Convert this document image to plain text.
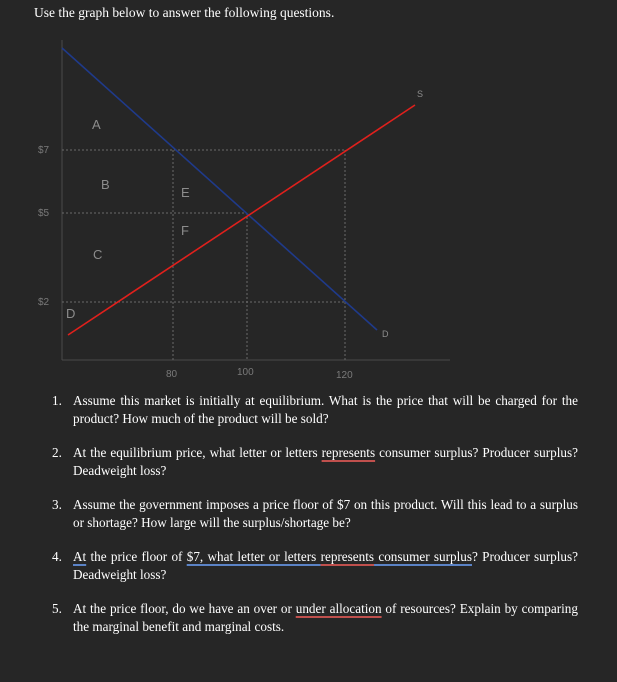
Use the graph below to answer the following questions.
$7
$5
$2
80	100	120
A
B
C
D
E
F
S
D
1. Assume this market is initially at equilibrium. What is the price that will be charged for the product? How much of the product will be sold?
2. At the equilibrium price, what letter or letters represents consumer surplus? Producer surplus? Deadweight loss?
3. Assume the government imposes a price floor of $7 on this product. Will this lead to a surplus or shortage? How large will the surplus/shortage be?
4. At the price floor of $7, what letter or letters represents consumer surplus? Producer surplus? Deadweight loss?
5. At the price floor, do we have an over or under allocation of resources? Explain by comparing the marginal benefit and marginal costs.
